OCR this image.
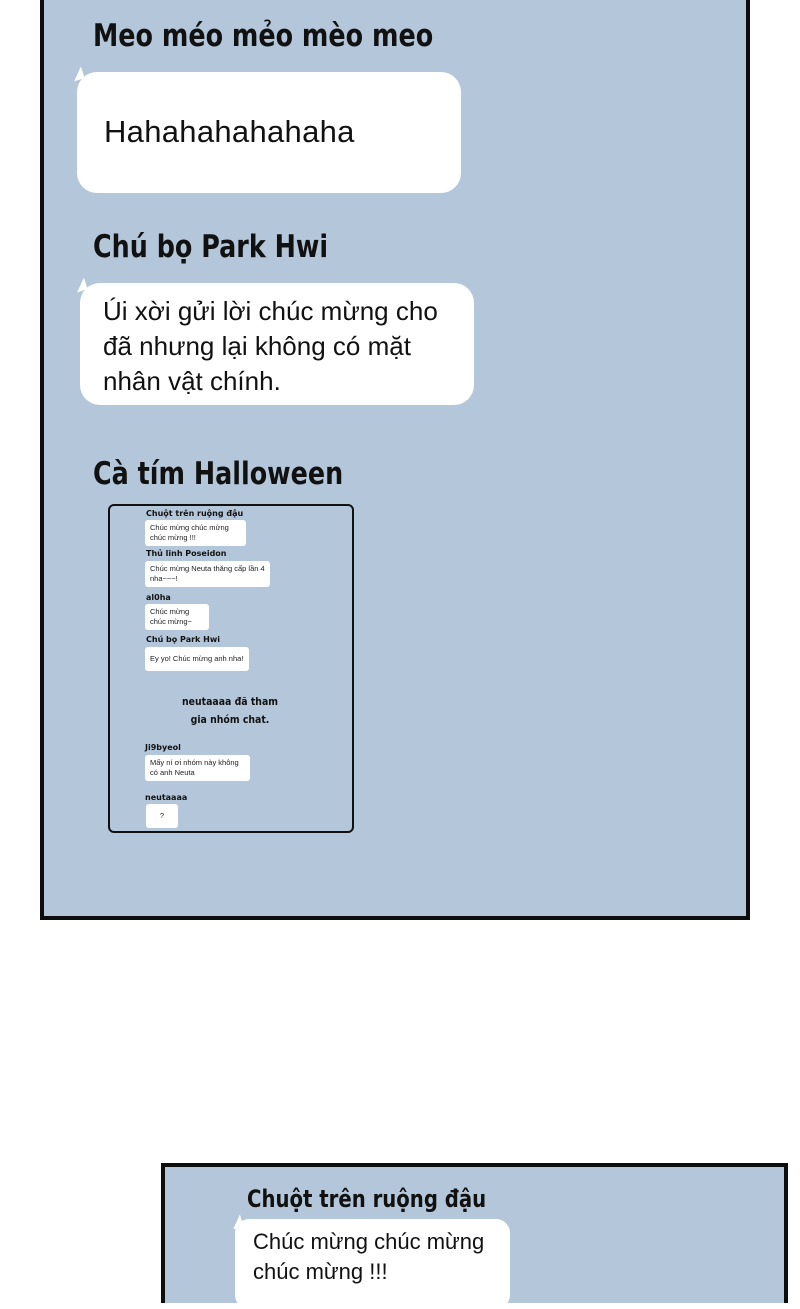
Meo méo mẻo mèo meo
Hahahahahahaha
Chú bọ Park Hwi
Úi xời gửi lời chúc mừng cho đã nhưng lại không có mặt nhân vật chính.
Cà tím Halloween
Chuột trên ruộng đậu
Chúc mừng chúc mừng chúc mừng !!!
Thủ lĩnh Poseidon
Chúc mừng Neuta thăng cấp lần 4 nha~~~!
al0ha
Chúc mừng chúc mừng~
Chú bọ Park Hwi
Ey yo! Chúc mừng anh nha!
neutaaaa đã tham gia nhóm chat.
Ji9byeol
Mấy ní ơi nhóm này không có anh Neuta
neutaaaa
?
Chuột trên ruộng đậu
Chúc mừng chúc mừng chúc mừng !!!
